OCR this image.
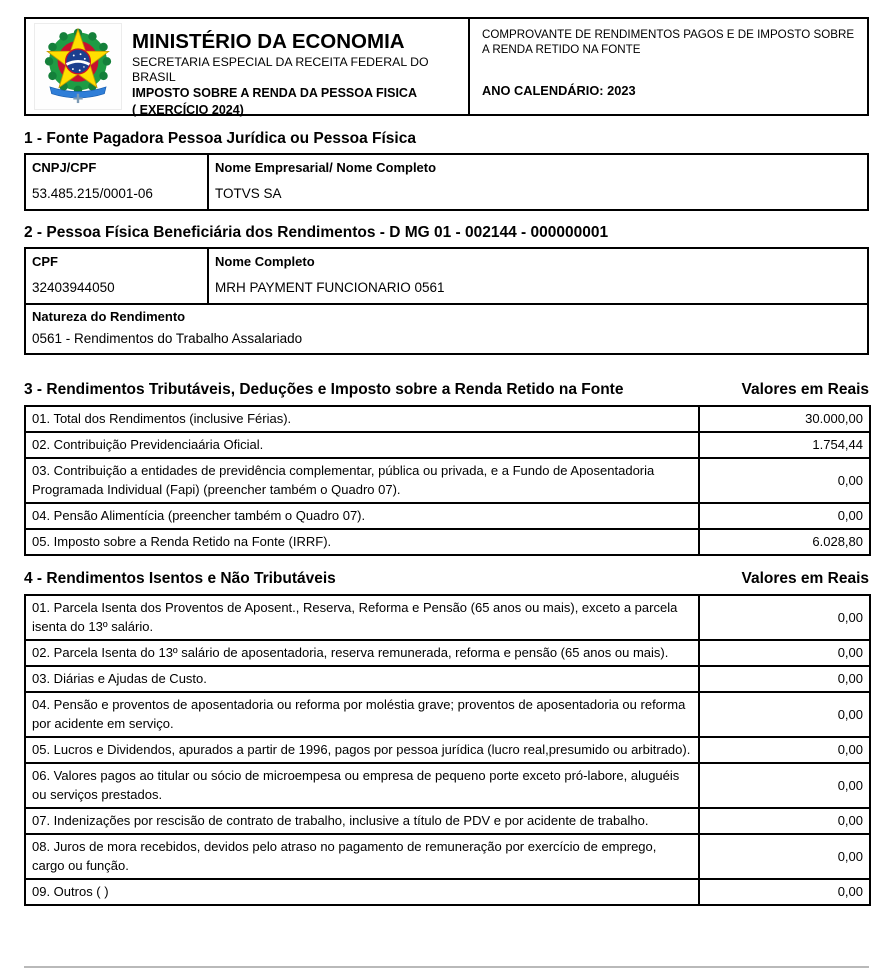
MINISTÉRIO DA ECONOMIA
SECRETARIA ESPECIAL DA RECEITA FEDERAL DO BRASIL
IMPOSTO SOBRE A RENDA DA PESSOA FISICA
( EXERCÍCIO 2024)
COMPROVANTE DE RENDIMENTOS PAGOS E DE IMPOSTO SOBRE A RENDA RETIDO NA FONTE
ANO CALENDÁRIO: 2023
1 - Fonte Pagadora Pessoa Jurídica ou Pessoa Física
CNPJ/CPF
53.485.215/0001-06
Nome Empresarial/ Nome Completo
TOTVS SA
2 - Pessoa Física Beneficiária dos Rendimentos - D MG 01 - 002144 - 000000001
CPF
32403944050
Nome Completo
MRH PAYMENT FUNCIONARIO 0561
Natureza do Rendimento
0561 - Rendimentos do Trabalho Assalariado
3 - Rendimentos Tributáveis, Deduções e Imposto sobre a Renda Retido na Fonte	Valores em Reais
01. Total dos Rendimentos (inclusive Férias).	30.000,00
02. Contribuição Previdenciaária Oficial.	1.754,44
03. Contribuição a entidades de previdência complementar, pública ou privada, e a Fundo de Aposentadoria Programada Individual (Fapi) (preencher também o Quadro 07).	0,00
04. Pensão Alimentícia (preencher também o Quadro 07).	0,00
05. Imposto sobre a Renda Retido na Fonte (IRRF).	6.028,80
4 - Rendimentos Isentos e Não Tributáveis	Valores em Reais
01. Parcela Isenta dos Proventos de Aposent., Reserva, Reforma e Pensão (65 anos ou mais), exceto a parcela isenta do 13º salário.	0,00
02. Parcela Isenta do 13º salário de aposentadoria, reserva remunerada, reforma e pensão (65 anos ou mais).	0,00
03. Diárias e Ajudas de Custo.	0,00
04. Pensão e proventos de aposentadoria ou reforma por moléstia grave; proventos de aposentadoria ou reforma por acidente em serviço.	0,00
05. Lucros e Dividendos, apurados a partir de 1996, pagos por pessoa jurídica (lucro real,presumido ou arbitrado).	0,00
06. Valores pagos ao titular ou sócio de microempesa ou empresa de pequeno porte exceto pró-labore, aluguéis ou serviços prestados.	0,00
07. Indenizações por rescisão de contrato de trabalho, inclusive a título de PDV e por acidente de trabalho.	0,00
08. Juros de mora recebidos, devidos pelo atraso no pagamento de remuneração por exercício de emprego, cargo ou função.	0,00
09. Outros ( )	0,00
